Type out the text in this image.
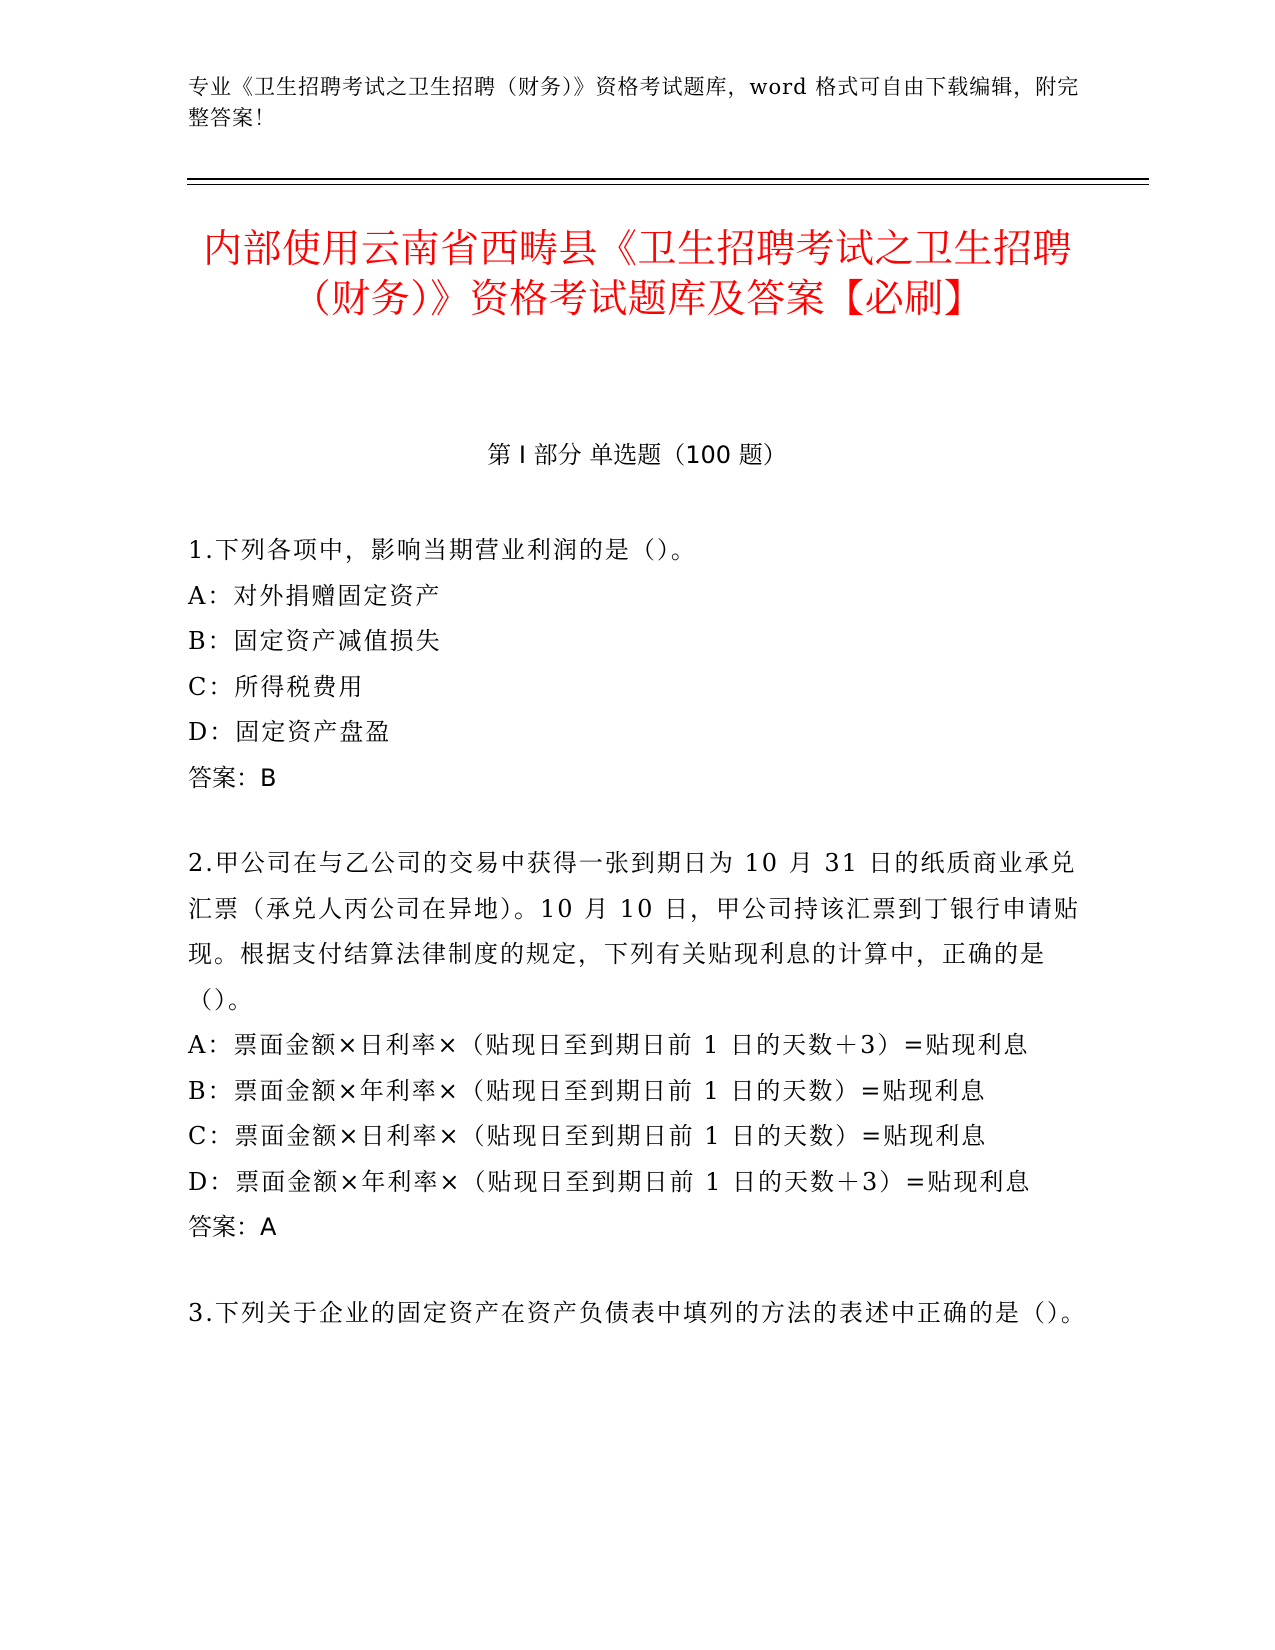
专业《卫生招聘考试之卫生招聘（财务）》资格考试题库，word 格式可自由下载编辑，附完整答案！
内部使用云南省西畴县《卫生招聘考试之卫生招聘（财务）》资格考试题库及答案【必刷】
第 I 部分 单选题（100 题）

1.下列各项中，影响当期营业利润的是（）。

A：对外捐赠固定资产

B：固定资产减值损失

C：所得税费用

D：固定资产盘盈

答案：B

2.甲公司在与乙公司的交易中获得一张到期日为 10 月 31 日的纸质商业承兑汇票（承兑人丙公司在异地）。10 月 10 日，甲公司持该汇票到丁银行申请贴现。根据支付结算法律制度的规定，下列有关贴现利息的计算中，正确的是（）。

A：票面金额×日利率×（贴现日至到期日前 1 日的天数＋3）=贴现利息

B：票面金额×年利率×（贴现日至到期日前 1 日的天数）=贴现利息

C：票面金额×日利率×（贴现日至到期日前 1 日的天数）=贴现利息

D：票面金额×年利率×（贴现日至到期日前 1 日的天数＋3）=贴现利息

答案：A

3.下列关于企业的固定资产在资产负债表中填列的方法的表述中正确的是（）。
